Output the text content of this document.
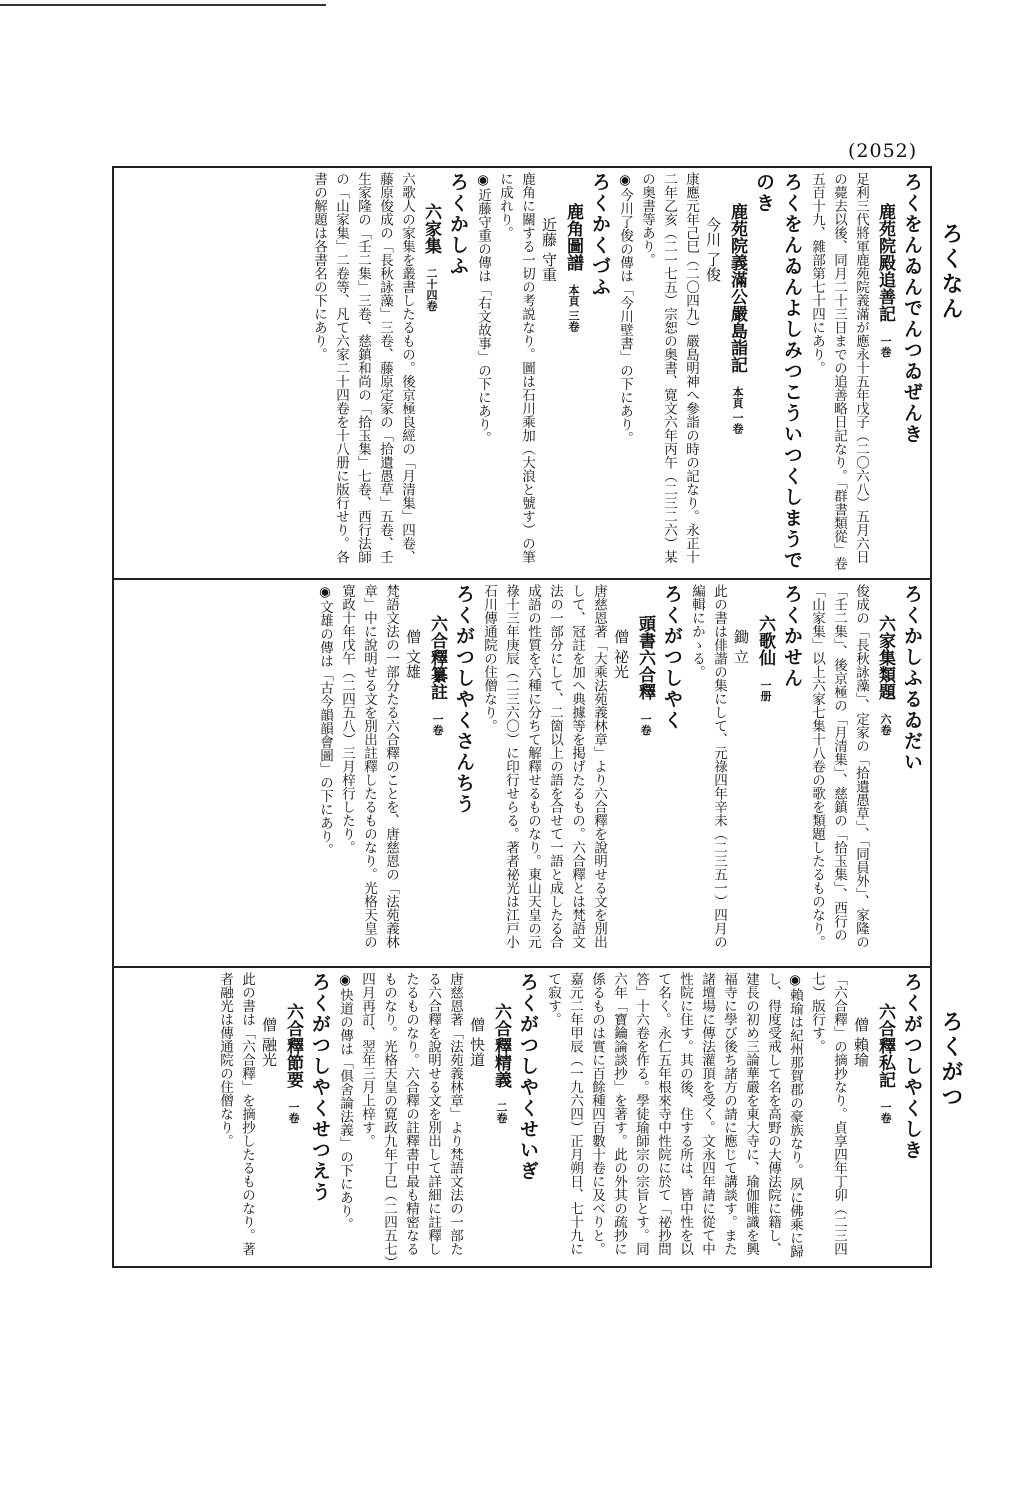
(2052)
ろくなん
ろくがつ

ろくをんゐんでんつゐぜんき

鹿苑院殿追善記一巻

足利三代將軍鹿苑院義滿が應永十五年戊子（二〇六八）五月六日の薨去以後、同月二十三日までの追善略日記なり。「群書類從」卷五百十九、雜部第七十四にあり。

ろくをんゐんよしみつこういつくしまうでのき

鹿苑院義滿公嚴島詣記本頁 一卷

今川 了俊

康應元年己巳（二〇四九）嚴島明神へ參詣の時の記なり。永正十二年乙亥（二一七五）宗恕の奥書、寛文六年丙午（二三二六）某の奥書等あり。

◉今川了俊の傳は「今川壁書」の下にあり。

ろくかくづふ

鹿角圖譜本頁 三卷

近藤 守重

鹿角に關する一切の考説なり。圖は石川乘加（大浪と號す）の筆に成れり。

◉近藤守重の傳は「右文故事」の下にあり。

ろくかしふ

六家集二十四卷

六歌人の家集を叢書したるもの。後京極良經の「月清集」四卷、藤原俊成の「長秋詠藻」三卷、藤原定家の「拾遺愚草」五卷、壬生家隆の「壬二集」三卷、慈鎮和尚の「拾玉集」七卷、西行法師の「山家集」二卷等、凡て六家二十四卷を十八册に版行せり。各書の解題は各書名の下にあり。

ろくかしふるゐだい

六家集類題六卷

俊成の「長秋詠藻」、定家の「拾遺愚草」、「同員外」、家隆の「壬二集」、後京極の「月清集」、慈鎮の「拾玉集」、西行の「山家集」以上六家七集十八卷の歌を類題したるものなり。

ろくかせん

六歌仙一册

鋤 立

此の書は俳諧の集にして、元祿四年辛未（二三五一）四月の編輯にかゝる。

ろくがつしやく

頭書六合釋一卷

僧 祕光

唐慈恩著「大乘法苑義林章」より六合釋を說明せる文を別出して、冠註を加へ典據等を掲げたるもの。六合釋とは梵語文法の一部分にして、二箇以上の語を合せて一語と成したる合成語の性質を六種に分ちて解釋せるものなり。東山天皇の元祿十三年庚辰（二三六〇）に印行せらる。著者祕光は江戸小石川傳通院の住僧なり。

ろくがつしやくさんちう

六合釋纂註一卷

僧 文雄

梵語文法の一部分たる六合釋のことを、唐慈恩の「法苑義林章」中に說明せる文を別出註釋したるものなり。光格天皇の寛政十年戊午（二四五八）三月梓行したり。

◉文雄の傳は「古今韻韻會圖」の下にあり。

ろくがつしやくしき

六合釋私記一卷

僧 賴瑜

「六合釋」の摘抄なり。貞享四年丁卯（二三四七）版行す。

◉賴瑜は紀州那賀郡の豪族なり。夙に佛乘に歸し、得度受戒して名を高野の大傳法院に籍し、建長の初め三論華嚴を東大寺に、瑜伽唯識を興福寺に學び後ち諸方の請に應じて講談す。また諸壇場に傳法灌頂を受く。文永四年請に從て中性院に住す。其の後、住する所は、皆中性を以て名く。永仁五年根來寺中性院に於て「祕抄問答」十六卷を作る。學徒瑜師宗の宗旨とす。同六年「寶鑰論談抄」を著す。此の外其の疏抄に係るものは實に百餘種四百數十卷に及べりと。嘉元二年甲辰（一九六四）正月朔日、七十九にて寂す。

ろくがつしやくせいぎ

六合釋精義二卷

僧 快道

唐慈恩著「法苑義林章」より梵語文法の一部たる六合釋を說明せる文を別出して詳細に註釋したるものなり。六合釋の註釋書中最も精密なるものなり。光格天皇の寛政九年丁巳（二四五七）四月再訂、翌年三月上梓す。

◉快道の傳は「俱舍論法義」の下にあり。

ろくがつしやくせつえう

六合釋節要一卷

僧 融光

此の書は「六合釋」を摘抄したるものなり。著者融光は傳通院の住僧なり。
